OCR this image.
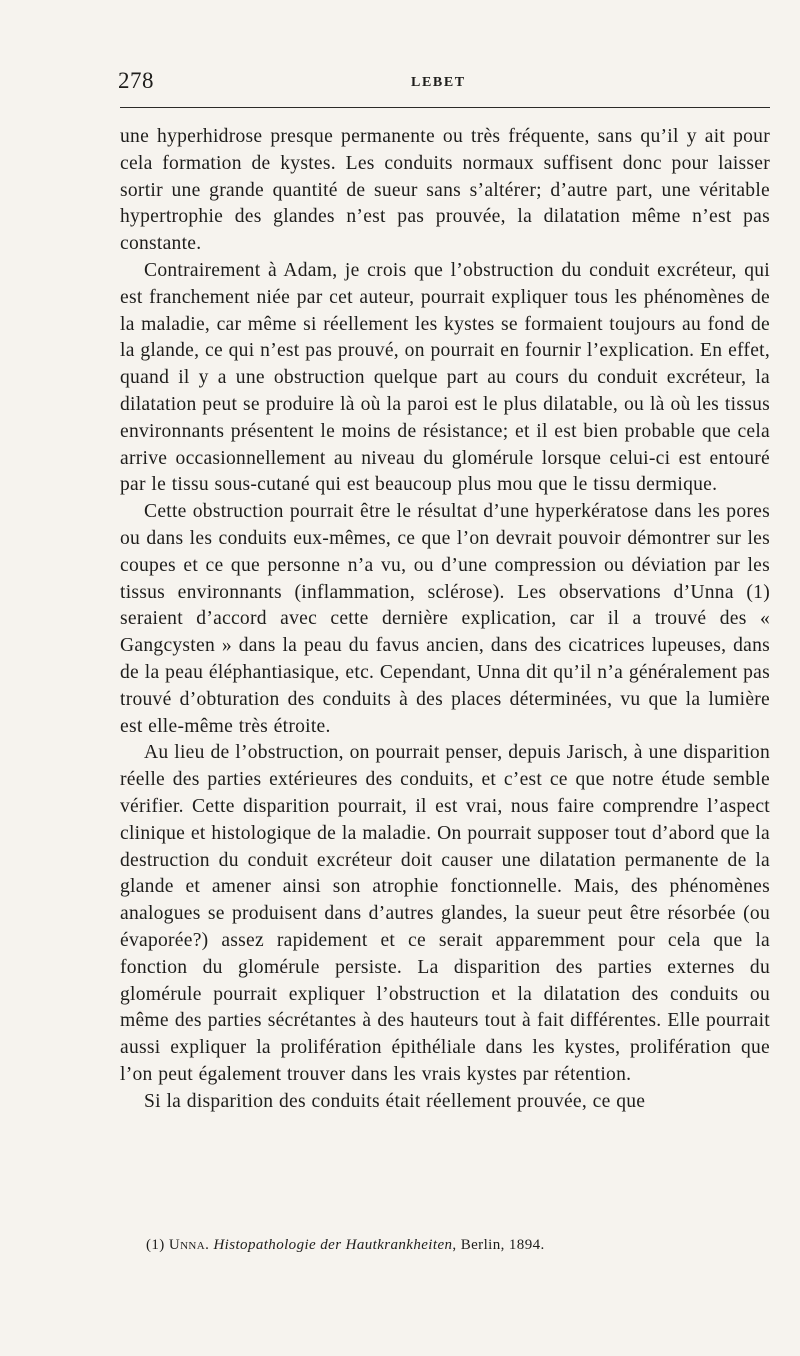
278	LEBET

une hyperhidrose presque permanente ou très fréquente, sans qu’il y ait pour cela formation de kystes. Les conduits normaux suffisent donc pour laisser sortir une grande quantité de sueur sans s’altérer; d’autre part, une véritable hypertrophie des glandes n’est pas prouvée, la dilatation même n’est pas constante.

Contrairement à Adam, je crois que l’obstruction du conduit excréteur, qui est franchement niée par cet auteur, pourrait expliquer tous les phénomènes de la maladie, car même si réellement les kystes se formaient toujours au fond de la glande, ce qui n’est pas prouvé, on pourrait en fournir l’explication. En effet, quand il y a une obstruction quelque part au cours du conduit excréteur, la dilatation peut se produire là où la paroi est le plus dilatable, ou là où les tissus environnants présentent le moins de résistance; et il est bien probable que cela arrive occasionnellement au niveau du glomérule lorsque celui-ci est entouré par le tissu sous-cutané qui est beaucoup plus mou que le tissu dermique.

Cette obstruction pourrait être le résultat d’une hyperkératose dans les pores ou dans les conduits eux-mêmes, ce que l’on devrait pouvoir démontrer sur les coupes et ce que personne n’a vu, ou d’une compression ou déviation par les tissus environnants (inflammation, sclérose). Les observations d’Unna (1) seraient d’accord avec cette dernière explication, car il a trouvé des « Gangcysten » dans la peau du favus ancien, dans des cicatrices lupeuses, dans de la peau éléphantiasique, etc. Cependant, Unna dit qu’il n’a généralement pas trouvé d’obturation des conduits à des places déterminées, vu que la lumière est elle-même très étroite.

Au lieu de l’obstruction, on pourrait penser, depuis Jarisch, à une disparition réelle des parties extérieures des conduits, et c’est ce que notre étude semble vérifier. Cette disparition pourrait, il est vrai, nous faire comprendre l’aspect clinique et histologique de la maladie. On pourrait supposer tout d’abord que la destruction du conduit excréteur doit causer une dilatation permanente de la glande et amener ainsi son atrophie fonctionnelle. Mais, des phénomènes analogues se produisent dans d’autres glandes, la sueur peut être résorbée (ou évaporée?) assez rapidement et ce serait apparemment pour cela que la fonction du glomérule persiste. La disparition des parties externes du glomérule pourrait expliquer l’obstruction et la dilatation des conduits ou même des parties sécrétantes à des hauteurs tout à fait différentes. Elle pourrait aussi expliquer la prolifération épithéliale dans les kystes, prolifération que l’on peut également trouver dans les vrais kystes par rétention.

Si la disparition des conduits était réellement prouvée, ce que

(1) Unna. Histopathologie der Hautkrankheiten, Berlin, 1894.
